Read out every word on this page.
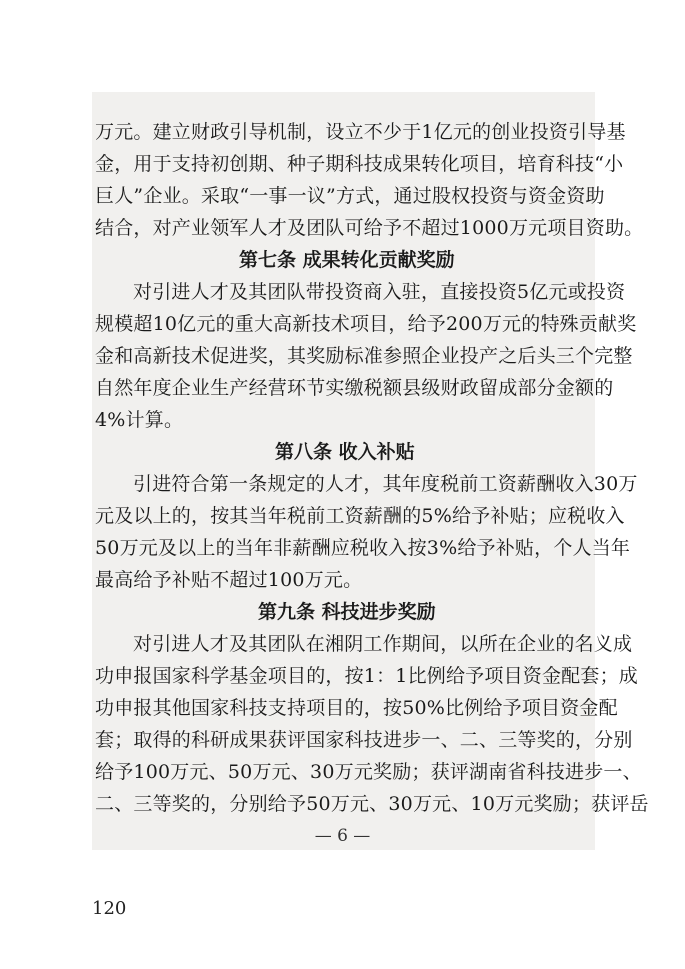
万元。建立财政引导机制，设立不少于1亿元的创业投资引导基
金，用于支持初创期、种子期科技成果转化项目，培育科技“小
巨人”企业。采取“一事一议”方式，通过股权投资与资金资助
结合，对产业领军人才及团队可给予不超过1000万元项目资助。
第七条 成果转化贡献奖励
对引进人才及其团队带投资商入驻，直接投资5亿元或投资
规模超10亿元的重大高新技术项目，给予200万元的特殊贡献奖
金和高新技术促进奖，其奖励标准参照企业投产之后头三个完整
自然年度企业生产经营环节实缴税额县级财政留成部分金额的
4%计算。
第八条 收入补贴
引进符合第一条规定的人才，其年度税前工资薪酬收入30万
元及以上的，按其当年税前工资薪酬的5%给予补贴；应税收入
50万元及以上的当年非薪酬应税收入按3%给予补贴，个人当年
最高给予补贴不超过100万元。
第九条 科技进步奖励
对引进人才及其团队在湘阴工作期间，以所在企业的名义成
功申报国家科学基金项目的，按1：1比例给予项目资金配套；成
功申报其他国家科技支持项目的，按50%比例给予项目资金配
套；取得的科研成果获评国家科技进步一、二、三等奖的，分别
给予100万元、50万元、30万元奖励；获评湖南省科技进步一、
二、三等奖的，分别给予50万元、30万元、10万元奖励；获评岳
— 6 —
120
